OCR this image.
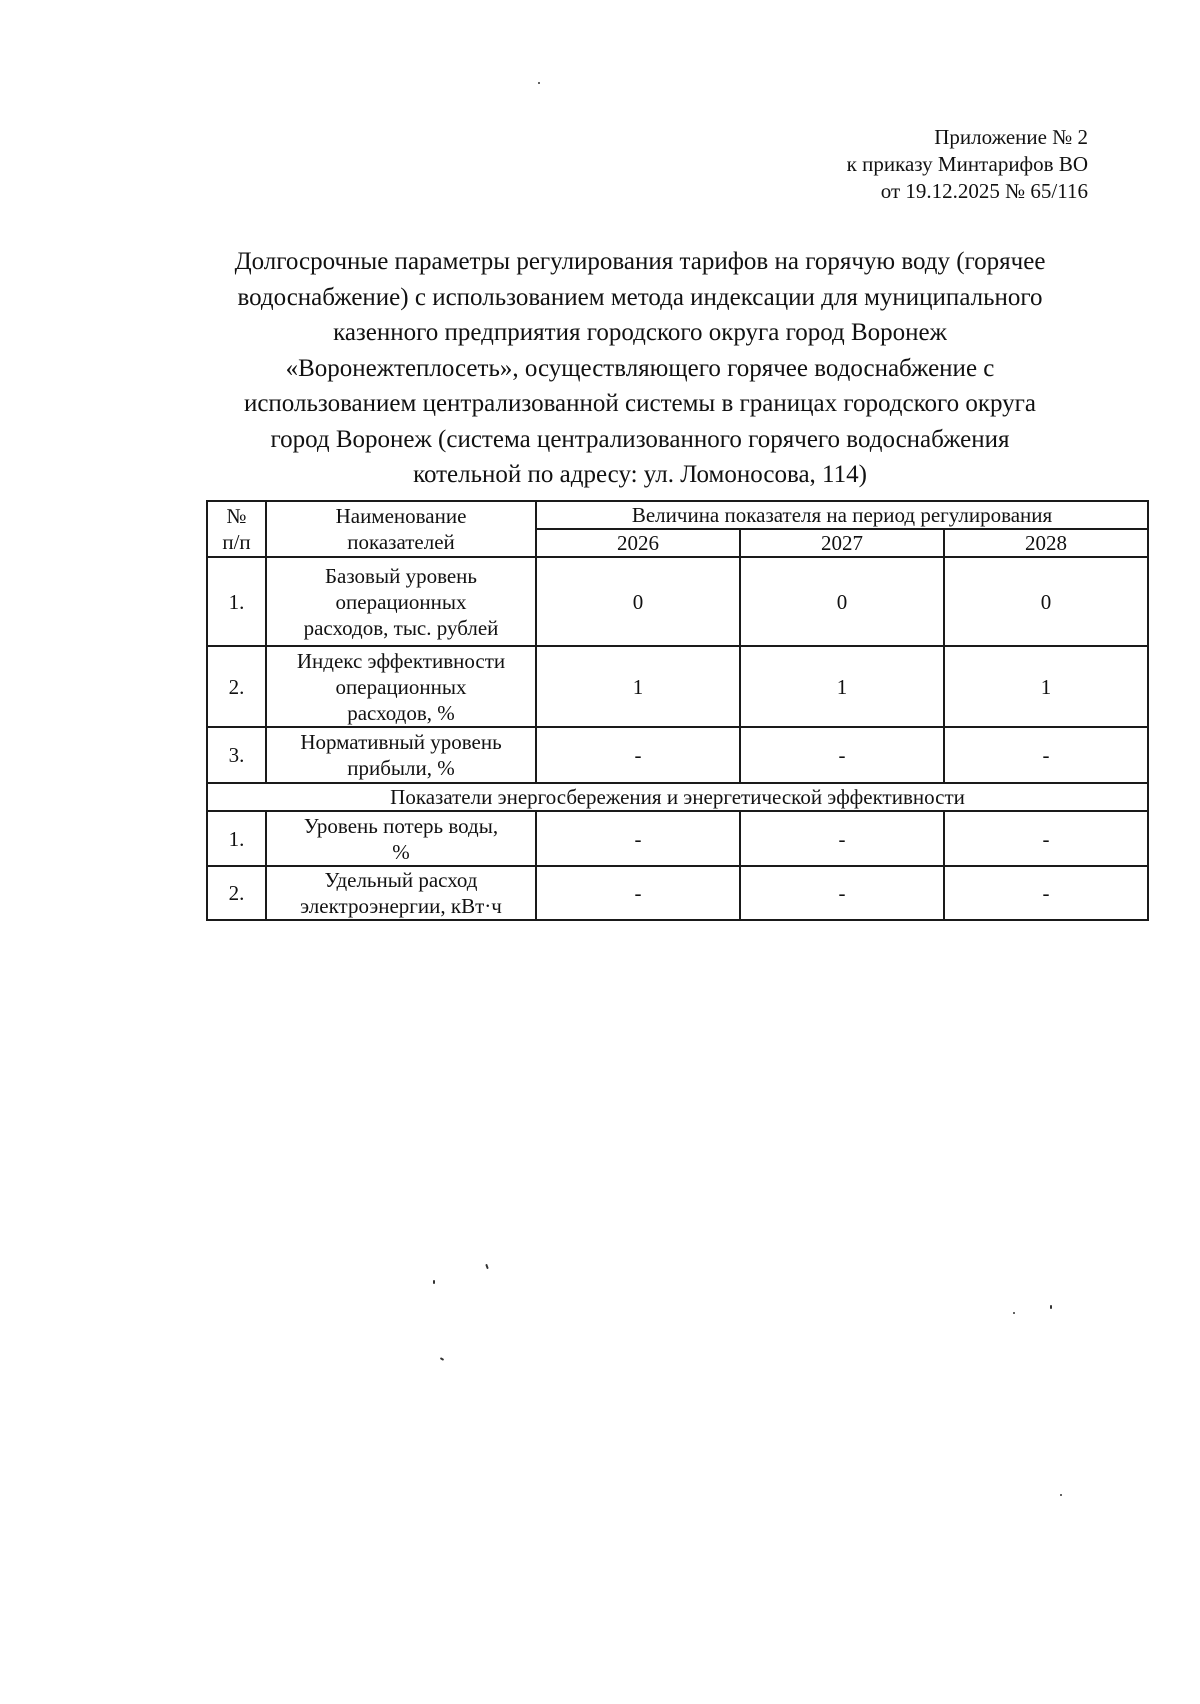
Приложение № 2
к приказу Минтарифов ВО
от 19.12.2025 № 65/116
Долгосрочные параметры регулирования тарифов на горячую воду (горячее
водоснабжение) с использованием метода индексации для муниципального
казенного предприятия городского округа город Воронеж
«Воронежтеплосеть», осуществляющего горячее водоснабжение с
использованием централизованной системы в границах городского округа
город Воронеж (система централизованного горячего водоснабжения
котельной по адресу: ул. Ломоносова, 114)
№
п/п	Наименование
показателей	Величина показателя на период регулирования		
		2026	2027	2028
1.	Базовый уровень
операционных
расходов, тыс. рублей	0	0	0
2.	Индекс эффективности
операционных
расходов, %	1	1	1
3.	Нормативный уровень
прибыли, %	-	-	-
Показатели энергосбережения и энергетической эффективности				
1.	Уровень потерь воды,
%	-	-	-
2.	Удельный расход
электроэнергии, кВт·ч	-	-	-
